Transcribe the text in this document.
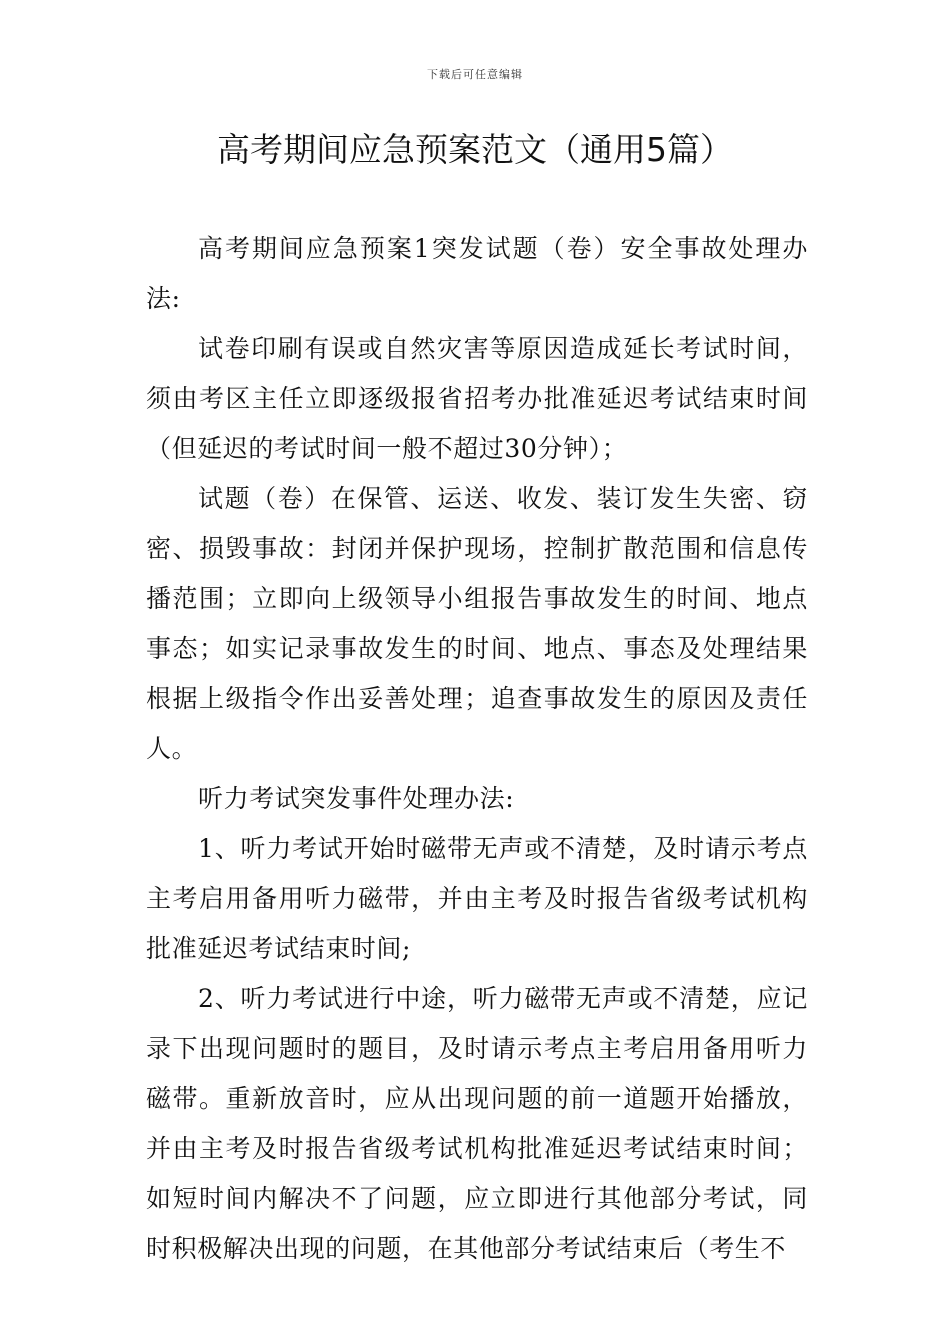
下载后可任意编辑
高考期间应急预案范文（通用5篇）

高考期间应急预案1突发试题（卷）安全事故处理办法:

试卷印刷有误或自然灾害等原因造成延长考试时间，须由考区主任立即逐级报省招考办批准延迟考试结束时间（但延迟的考试时间一般不超过30分钟）；

试题（卷）在保管、运送、收发、装订发生失密、窃密、损毁事故：封闭并保护现场，控制扩散范围和信息传播范围；立即向上级领导小组报告事故发生的时间、地点事态；如实记录事故发生的时间、地点、事态及处理结果根据上级指令作出妥善处理；追查事故发生的原因及责任人。

听力考试突发事件处理办法:

1、听力考试开始时磁带无声或不清楚，及时请示考点主考启用备用听力磁带，并由主考及时报告省级考试机构批准延迟考试结束时间;

2、听力考试进行中途，听力磁带无声或不清楚，应记录下出现问题时的题目，及时请示考点主考启用备用听力磁带。重新放音时，应从出现问题的前一道题开始播放，并由主考及时报告省级考试机构批准延迟考试结束时间；如短时间内解决不了问题，应立即进行其他部分考试，同时积极解决出现的问题，在其他部分考试结束后（考生不
